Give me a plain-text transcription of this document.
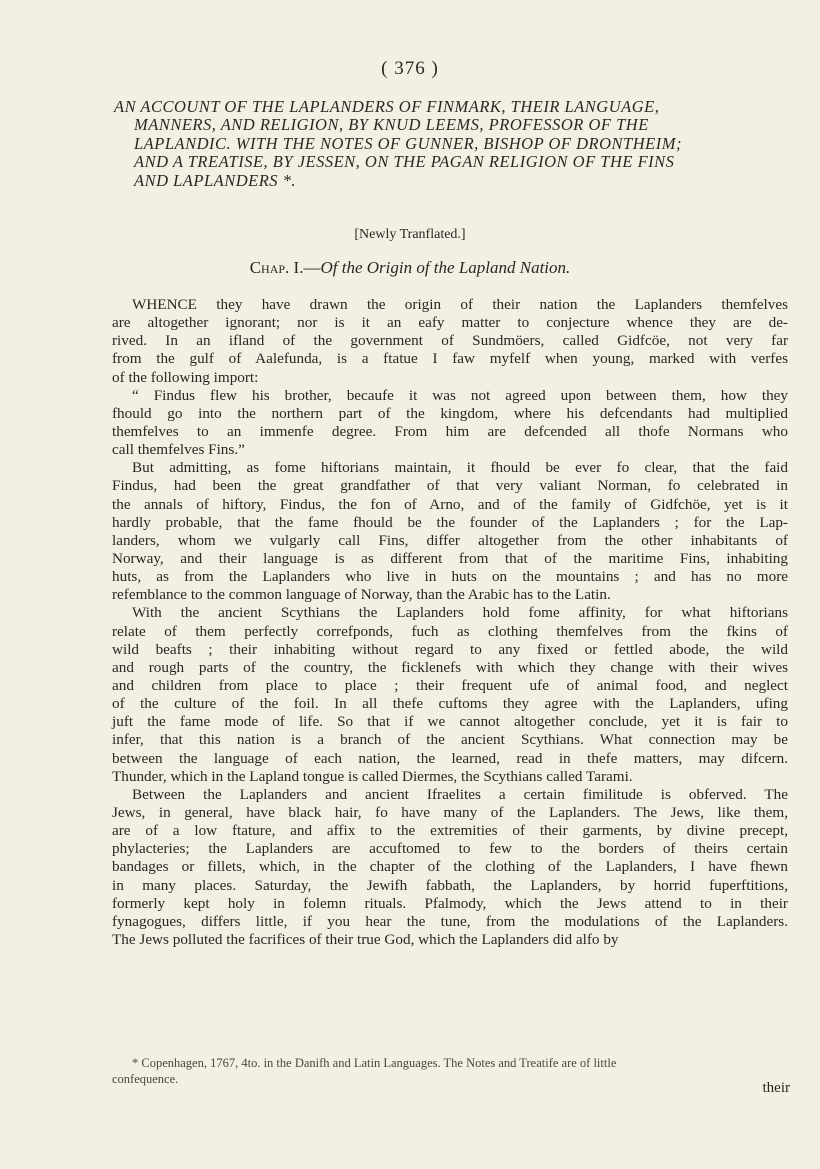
( 376 )
AN ACCOUNT OF THE LAPLANDERS OF FINMARK, THEIR LANGUAGE,
MANNERS, AND RELIGION, BY KNUD LEEMS, PROFESSOR OF THE
LAPLANDIC. WITH THE NOTES OF GUNNER, BISHOP OF DRONTHEIM;
AND A TREATISE, BY JESSEN, ON THE PAGAN RELIGION OF THE FINS
AND LAPLANDERS *.
[Newly Tranflated.]
Chap. I.—Of the Origin of the Lapland Nation.
WHENCE they have drawn the origin of their nation the Laplanders themfelves
are altogether ignorant; nor is it an eafy matter to conjecture whence they are de-
rived. In an ifland of the government of Sundmöers, called Gidfcöe, not very far
from the gulf of Aalefunda, is a ftatue I faw myfelf when young, marked with verfes
of the following import:
“ Findus flew his brother, becaufe it was not agreed upon between them, how they
fhould go into the northern part of the kingdom, where his defcendants had multiplied
themfelves to an immenfe degree. From him are defcended all thofe Normans who
call themfelves Fins.”
But admitting, as fome hiftorians maintain, it fhould be ever fo clear, that the faid
Findus, had been the great grandfather of that very valiant Norman, fo celebrated in
the annals of hiftory, Findus, the fon of Arno, and of the family of Gidfchöe, yet is it
hardly probable, that the fame fhould be the founder of the Laplanders ; for the Lap-
landers, whom we vulgarly call Fins, differ altogether from the other inhabitants of
Norway, and their language is as different from that of the maritime Fins, inhabiting
huts, as from the Laplanders who live in huts on the mountains ; and has no more
refemblance to the common language of Norway, than the Arabic has to the Latin.
With the ancient Scythians the Laplanders hold fome affinity, for what hiftorians
relate of them perfectly correfponds, fuch as clothing themfelves from the fkins of
wild beafts ; their inhabiting without regard to any fixed or fettled abode, the wild
and rough parts of the country, the ficklenefs with which they change with their wives
and children from place to place ; their frequent ufe of animal food, and neglect
of the culture of the foil. In all thefe cuftoms they agree with the Laplanders, ufing
juft the fame mode of life. So that if we cannot altogether conclude, yet it is fair to
infer, that this nation is a branch of the ancient Scythians. What connection may be
between the language of each nation, the learned, read in thefe matters, may difcern.
Thunder, which in the Lapland tongue is called Diermes, the Scythians called Tarami.
Between the Laplanders and ancient Ifraelites a certain fimilitude is obferved. The
Jews, in general, have black hair, fo have many of the Laplanders. The Jews, like them,
are of a low ftature, and affix to the extremities of their garments, by divine precept,
phylacteries; the Laplanders are accuftomed to few to the borders of theirs certain
bandages or fillets, which, in the chapter of the clothing of the Laplanders, I have fhewn
in many places. Saturday, the Jewifh fabbath, the Laplanders, by horrid fuperftitions,
formerly kept holy in folemn rituals. Pfalmody, which the Jews attend to in their
fynagogues, differs little, if you hear the tune, from the modulations of the Laplanders.
The Jews polluted the facrifices of their true God, which the Laplanders did alfo by
* Copenhagen, 1767, 4to. in the Danifh and Latin Languages. The Notes and Treatife are of little
confequence.
their
